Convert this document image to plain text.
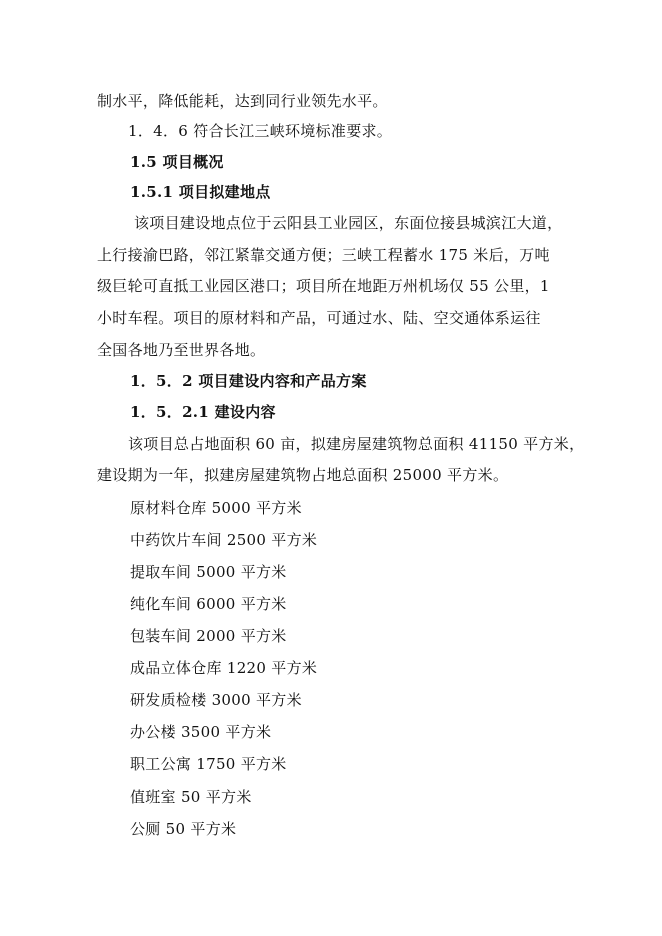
制水平，降低能耗，达到同行业领先水平。
1．4．6 符合长江三峡环境标准要求。
1.5 项目概况
1.5.1 项目拟建地点
该项目建设地点位于云阳县工业园区，东面位接县城滨江大道，
上行接渝巴路，邻江紧靠交通方便；三峡工程蓄水 175 米后，万吨
级巨轮可直抵工业园区港口；项目所在地距万州机场仅 55 公里，1
小时车程。项目的原材料和产品，可通过水、陆、空交通体系运往
全国各地乃至世界各地。
1．5．2 项目建设内容和产品方案
1．5．2.1 建设内容
该项目总占地面积 60 亩，拟建房屋建筑物总面积 41150 平方米，
建设期为一年，拟建房屋建筑物占地总面积 25000 平方米。
原材料仓库 5000 平方米
中药饮片车间 2500 平方米
提取车间 5000 平方米
纯化车间 6000 平方米
包装车间 2000 平方米
成品立体仓库 1220 平方米
研发质检楼 3000 平方米
办公楼 3500 平方米
职工公寓 1750 平方米
值班室 50 平方米
公厕 50 平方米
